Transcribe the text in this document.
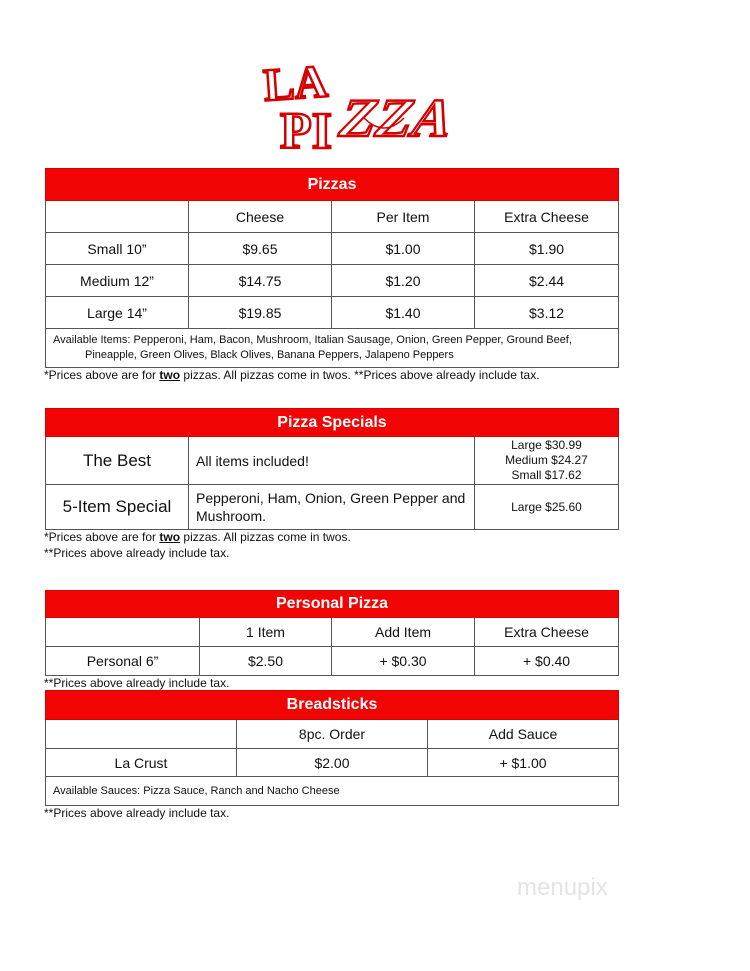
LA
PI ZZA
Pizzas			
	Cheese	Per Item	Extra Cheese
Small 10”	$9.65	$1.00	$1.90
Medium 12”	$14.75	$1.20	$2.44
Large 14”	$19.85	$1.40	$3.12

Available Items: Pepperoni, Ham, Bacon, Mushroom, Italian Sausage, Onion, Green Pepper, Ground Beef,
Pineapple, Green Olives, Black Olives, Banana Peppers, Jalapeno Peppers			
*Prices above are for two pizzas. All pizzas come in twos. **Prices above already include tax.
Pizza Specials		
The Best	All items included!	Large $30.99
Medium $24.27
Small $17.62

5-Item Special	Pepperoni, Ham, Onion, Green Pepper and Mushroom.	Large $25.60
*Prices above are for two pizzas. All pizzas come in twos.
**Prices above already include tax.
Personal Pizza			
	1 Item	Add Item	Extra Cheese
Personal 6”	$2.50	+ $0.30	+ $0.40
**Prices above already include tax.
Breadsticks		
	8pc. Order	Add Sauce
La Crust	$2.00	+ $1.00
Available Sauces: Pizza Sauce, Ranch and Nacho Cheese		
**Prices above already include tax.
menupix
